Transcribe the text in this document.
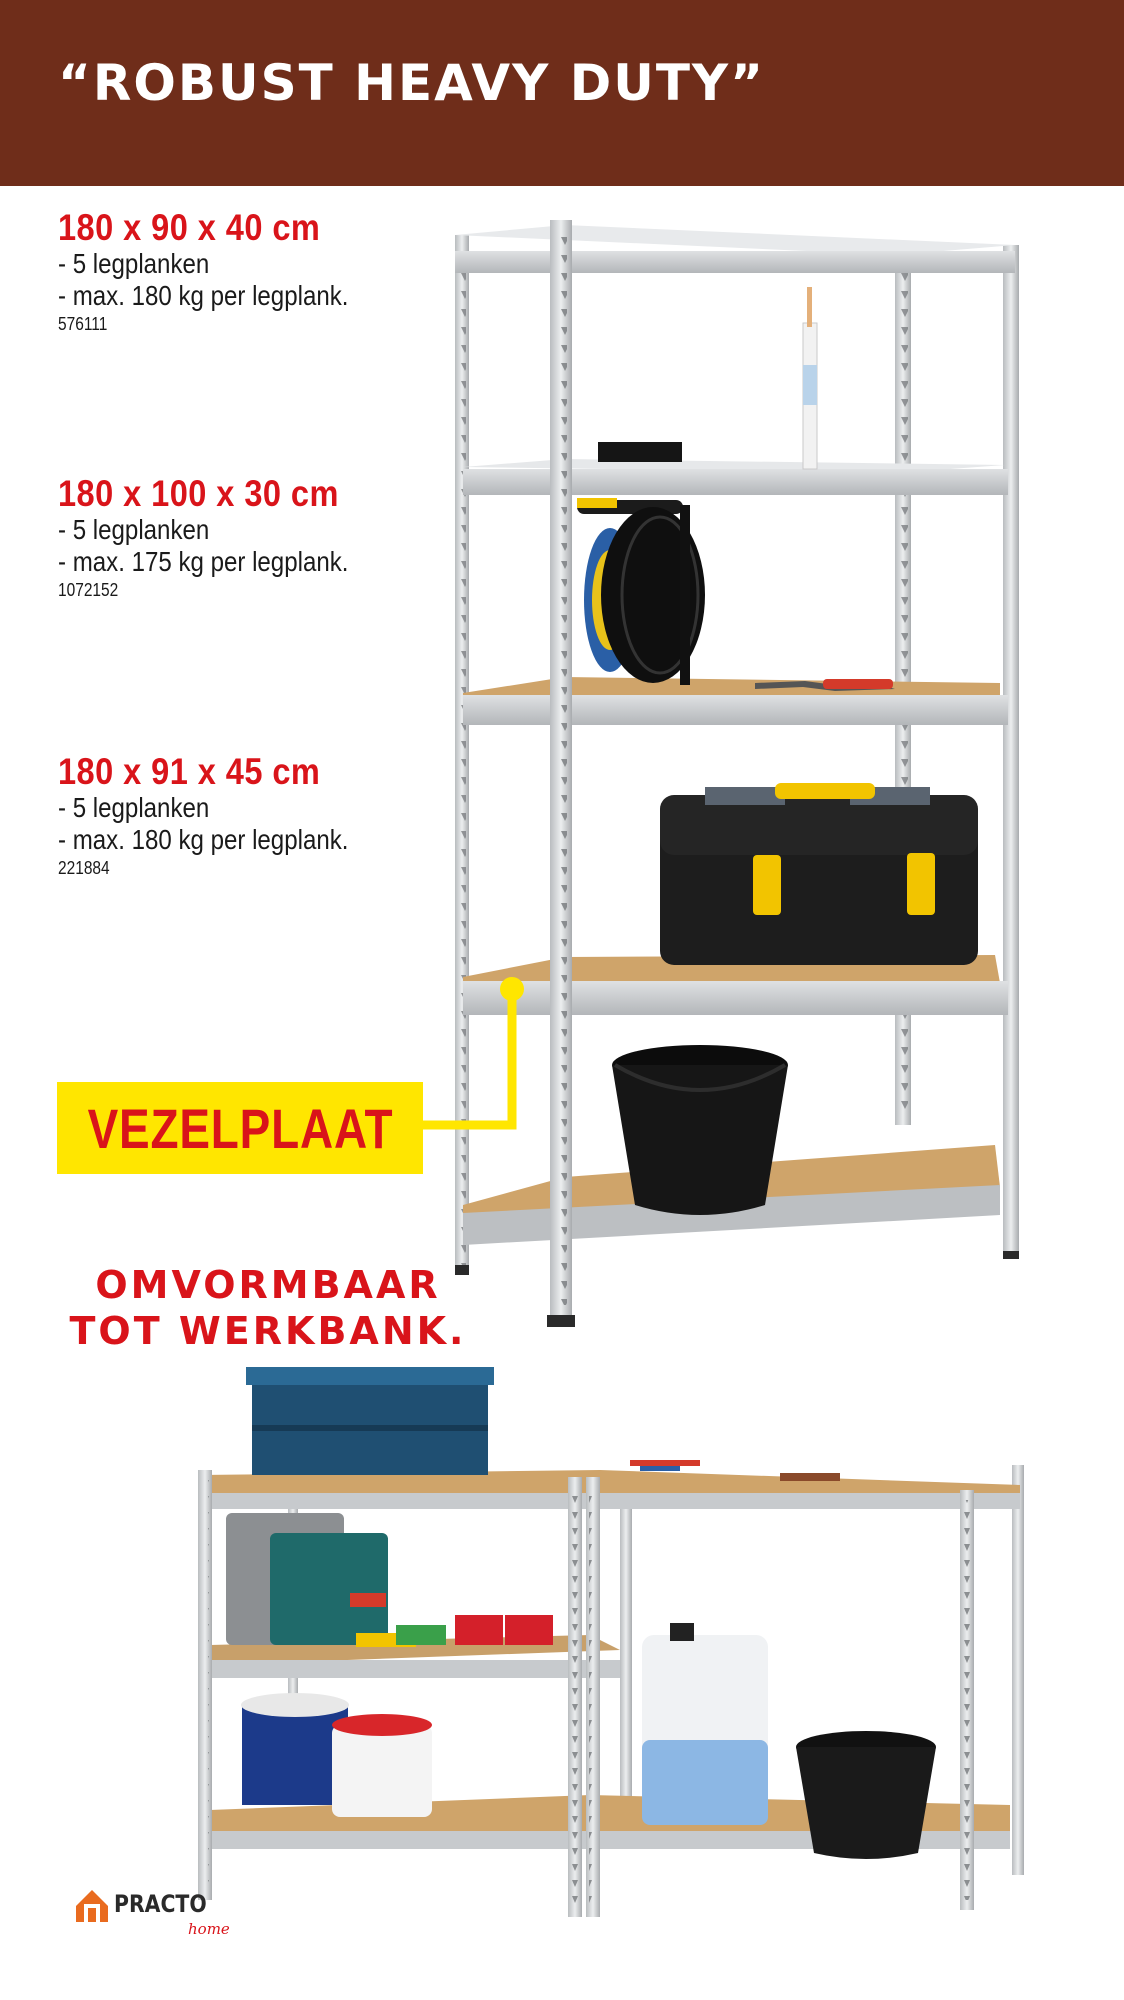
“ROBUST HEAVY DUTY”
180 x 90 x 40 cm
- 5 legplanken
- max. 180 kg per legplank.
576111
180 x 100 x 30 cm
- 5 legplanken
- max. 175 kg per legplank.
1072152
180 x 91 x 45 cm
- 5 legplanken
- max. 180 kg per legplank.
221884
VEZELPLAAT
OMVORMBAAR
TOT WERKBANK.
PRACTO
home
